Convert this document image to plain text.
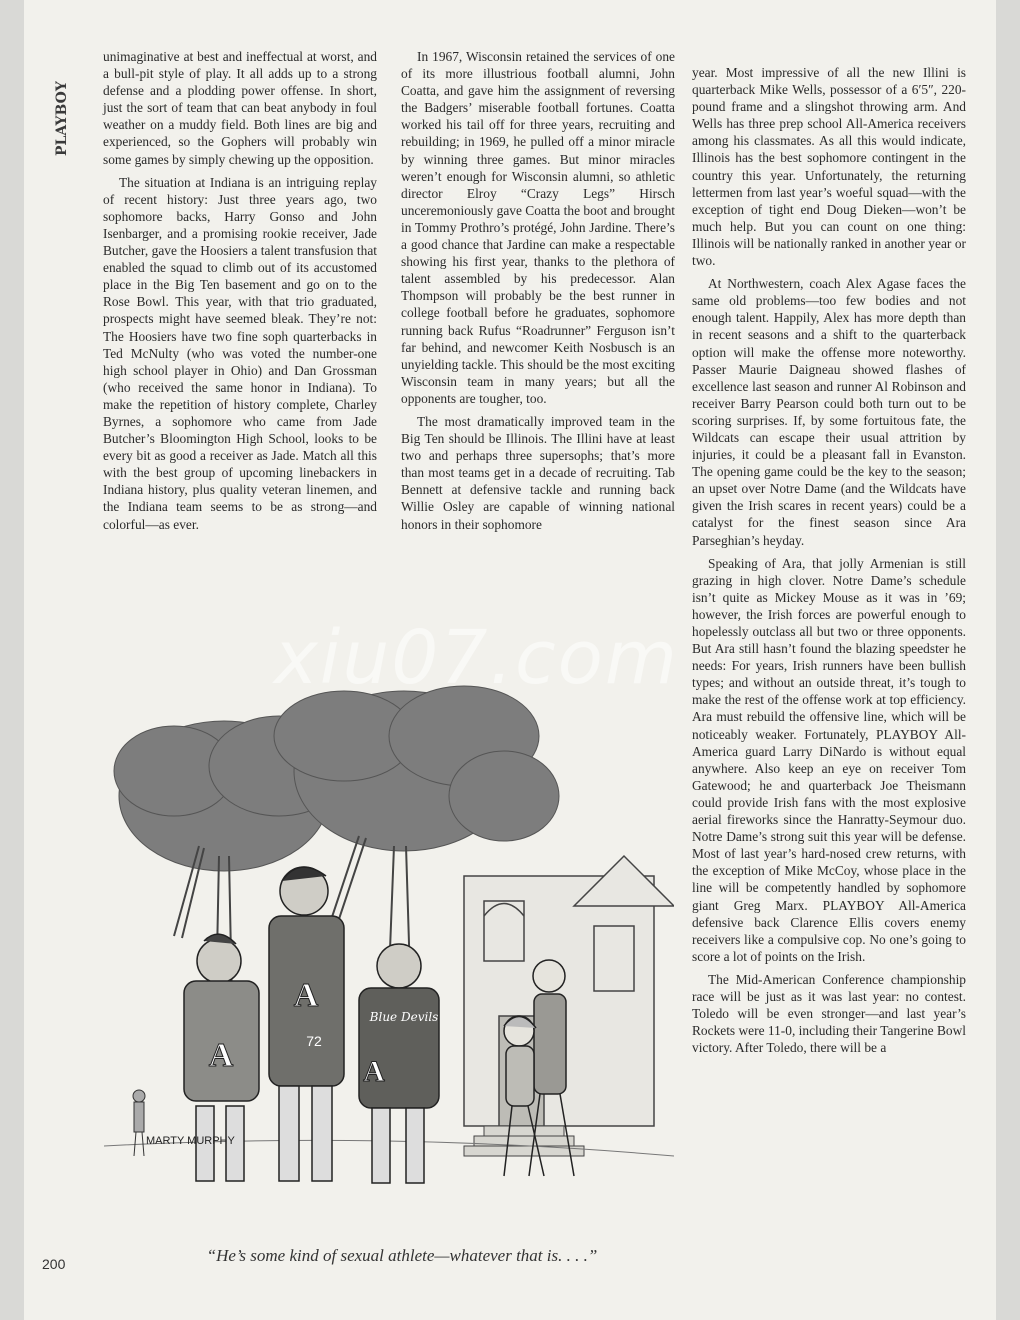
PLAYBOY

unimaginative at best and ineffectual at worst, and a bull-pit style of play. It all adds up to a strong defense and a plodding power offense. In short, just the sort of team that can beat anybody in foul weather on a muddy field. Both lines are big and experienced, so the Gophers will probably win some games by simply chewing up the opposition.

The situation at Indiana is an intriguing replay of recent history: Just three years ago, two sophomore backs, Harry Gonso and John Isenbarger, and a promising rookie receiver, Jade Butcher, gave the Hoosiers a talent transfusion that enabled the squad to climb out of its accustomed place in the Big Ten basement and go on to the Rose Bowl. This year, with that trio graduated, prospects might have seemed bleak. They’re not: The Hoosiers have two fine soph quarterbacks in Ted McNulty (who was voted the number-one high school player in Ohio) and Dan Grossman (who received the same honor in Indiana). To make the repetition of history complete, Charley Byrnes, a sophomore who came from Jade Butcher’s Bloomington High School, looks to be every bit as good a receiver as Jade. Match all this with the best group of upcoming linebackers in Indiana history, plus quality veteran linemen, and the Indiana team seems to be as strong—and colorful—as ever.

In 1967, Wisconsin retained the services of one of its more illustrious football alumni, John Coatta, and gave him the assignment of reversing the Badgers’ miserable football fortunes. Coatta worked his tail off for three years, recruiting and rebuilding; in 1969, he pulled off a minor miracle by winning three games. But minor miracles weren’t enough for Wisconsin alumni, so athletic director Elroy “Crazy Legs” Hirsch unceremoniously gave Coatta the boot and brought in Tommy Prothro’s protégé, John Jardine. There’s a good chance that Jardine can make a respectable showing his first year, thanks to the plethora of talent assembled by his predecessor. Alan Thompson will probably be the best runner in college football before he graduates, sophomore running back Rufus “Roadrunner” Ferguson isn’t far behind, and newcomer Keith Nosbusch is an unyielding tackle. This should be the most exciting Wisconsin team in many years; but all the opponents are tougher, too.

The most dramatically improved team in the Big Ten should be Illinois. The Illini have at least two and perhaps three supersophs; that’s more than most teams get in a decade of recruiting. Tab Bennett at defensive tackle and running back Willie Osley are capable of winning national honors in their sophomore

year. Most impressive of all the new Illini is quarterback Mike Wells, possessor of a 6′5″, 220-pound frame and a slingshot throwing arm. And Wells has three prep school All-America receivers among his classmates. As all this would indicate, Illinois has the best sophomore contingent in the country this year. Unfortunately, the returning lettermen from last year’s woeful squad—with the exception of tight end Doug Dieken—won’t be much help. But you can count on one thing: Illinois will be nationally ranked in another year or two.

At Northwestern, coach Alex Agase faces the same old problems—too few bodies and not enough talent. Happily, Alex has more depth than in recent seasons and a shift to the quarterback option will make the offense more noteworthy. Passer Maurie Daigneau showed flashes of excellence last season and runner Al Robinson and receiver Barry Pearson could both turn out to be scoring surprises. If, by some fortuitous fate, the Wildcats can escape their usual attrition by injuries, it could be a pleasant fall in Evanston. The opening game could be the key to the season; an upset over Notre Dame (and the Wildcats have given the Irish scares in recent years) could be a catalyst for the finest season since Ara Parseghian’s heyday.

Speaking of Ara, that jolly Armenian is still grazing in high clover. Notre Dame’s schedule isn’t quite as Mickey Mouse as it was in ’69; however, the Irish forces are powerful enough to hopelessly outclass all but two or three opponents. But Ara still hasn’t found the blazing speedster he needs: For years, Irish runners have been bullish types; and without an outside threat, it’s tough to make the rest of the offense work at top efficiency. Ara must rebuild the offensive line, which will be noticeably weaker. Fortunately, PLAYBOY All-America guard Larry DiNardo is without equal anywhere. Also keep an eye on receiver Tom Gatewood; he and quarterback Joe Theismann could provide Irish fans with the most explosive aerial fireworks since the Hanratty-Seymour duo. Notre Dame’s strong suit this year will be defense. Most of last year’s hard-nosed crew returns, with the exception of Mike McCoy, whose place in the line will be competently handled by sophomore giant Greg Marx. PLAYBOY All-America defensive back Clarence Ellis covers enemy receivers like a compulsive cop. No one’s going to score a lot of points on the Irish.

The Mid-American Conference championship race will be just as it was last year: no contest. Toledo will be even stronger—and last year’s Rockets were 11-0, including their Tangerine Bowl victory. After Toledo, there will be a

A
A
72
A
Blue Devils
MARTY MURPHY
xiu07.com
“He’s some kind of sexual athlete—whatever that is. . . .”
200
